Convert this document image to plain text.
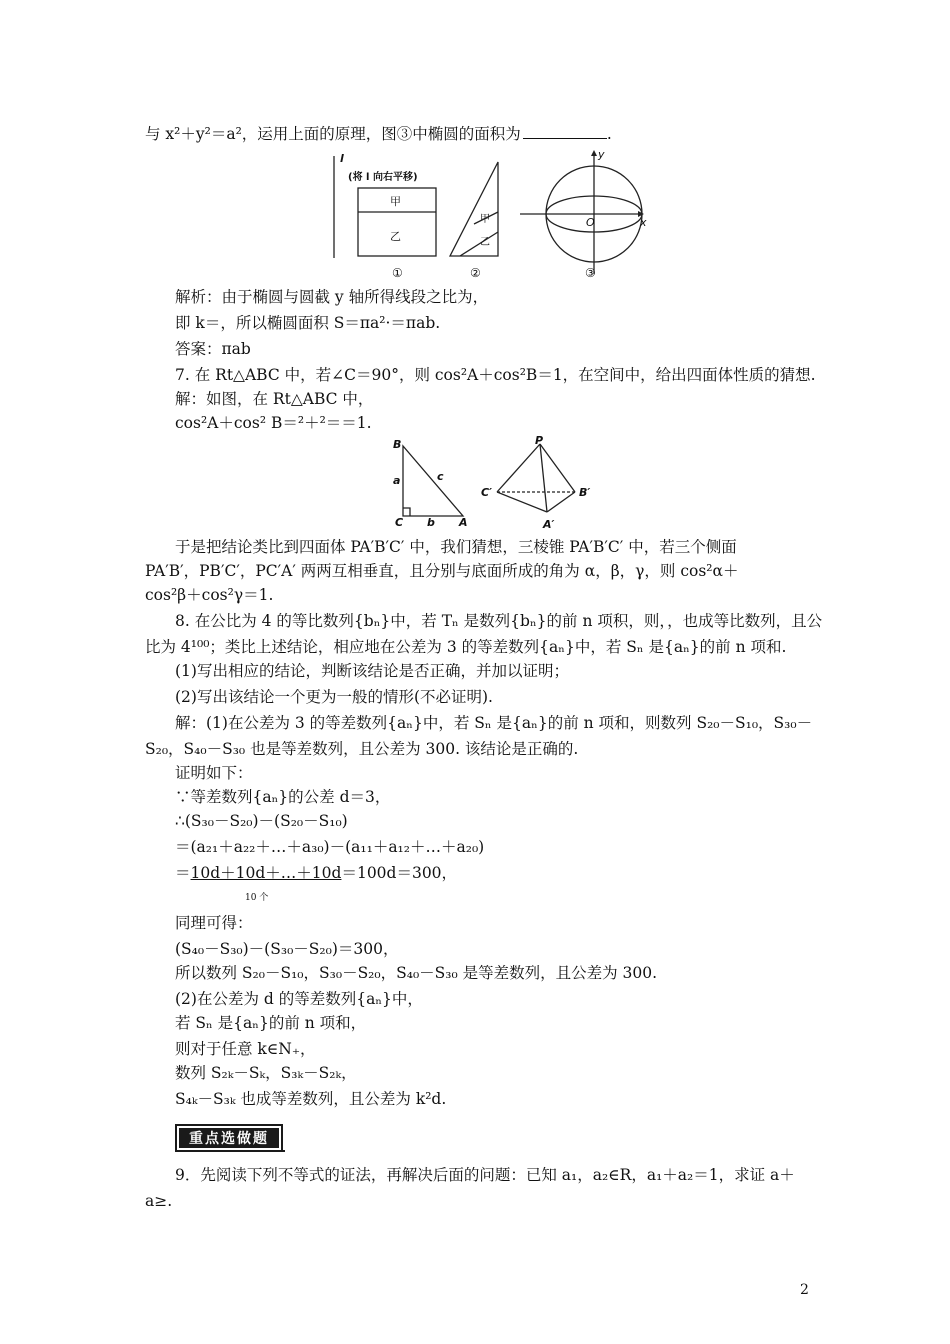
与 x²＋y²＝a²，运用上面的原理，图③中椭圆的面积为	.
l
(将 l 向右平移)
甲
乙
甲
乙
①	②	③
y
x
O
解析：由于椭圆与圆截 y 轴所得线段之比为，
即 k＝，所以椭圆面积 S＝πa²·＝πab.
答案：πab
7. 在 Rt△ABC 中，若∠C＝90°，则 cos²A＋cos²B＝1，在空间中，给出四面体性质的猜想.
解：如图，在 Rt△ABC 中，
cos²A＋cos² B＝²＋²＝＝1.
B
C	A
a
b
c
P
C′	B′
A′
于是把结论类比到四面体 PA′B′C′ 中，我们猜想，三棱锥 PA′B′C′ 中，若三个侧面
PA′B′，PB′C′，PC′A′ 两两互相垂直，且分别与底面所成的角为 α，β，γ，则 cos²α＋
cos²β＋cos²γ＝1.
8. 在公比为 4 的等比数列{bₙ}中，若 Tₙ 是数列{bₙ}的前 n 项积，则，，也成等比数列，且公
比为 4¹⁰⁰；类比上述结论，相应地在公差为 3 的等差数列{aₙ}中，若 Sₙ 是{aₙ}的前 n 项和.
(1)写出相应的结论，判断该结论是否正确，并加以证明；
(2)写出该结论一个更为一般的情形(不必证明).
解：(1)在公差为 3 的等差数列{aₙ}中，若 Sₙ 是{aₙ}的前 n 项和，则数列 S₂₀－S₁₀，S₃₀－
S₂₀，S₄₀－S₃₀ 也是等差数列，且公差为 300. 该结论是正确的.
证明如下：
∵等差数列{aₙ}的公差 d＝3，
∴(S₃₀－S₂₀)－(S₂₀－S₁₀)
＝(a₂₁＋a₂₂＋…＋a₃₀)－(a₁₁＋a₁₂＋…＋a₂₀)
＝10d＋10d＋…＋10d＝100d＝300，
10 个
同理可得：
(S₄₀－S₃₀)－(S₃₀－S₂₀)＝300，
所以数列 S₂₀－S₁₀，S₃₀－S₂₀，S₄₀－S₃₀ 是等差数列，且公差为 300.
(2)在公差为 d 的等差数列{aₙ}中，
若 Sₙ 是{aₙ}的前 n 项和，
则对于任意 k∈N₊，
数列 S₂ₖ－Sₖ，S₃ₖ－S₂ₖ，
S₄ₖ－S₃ₖ 也成等差数列，且公差为 k²d.
重点选做题
9．先阅读下列不等式的证法，再解决后面的问题：已知 a₁，a₂∈R，a₁＋a₂＝1，求证 a＋
a≥.
2
